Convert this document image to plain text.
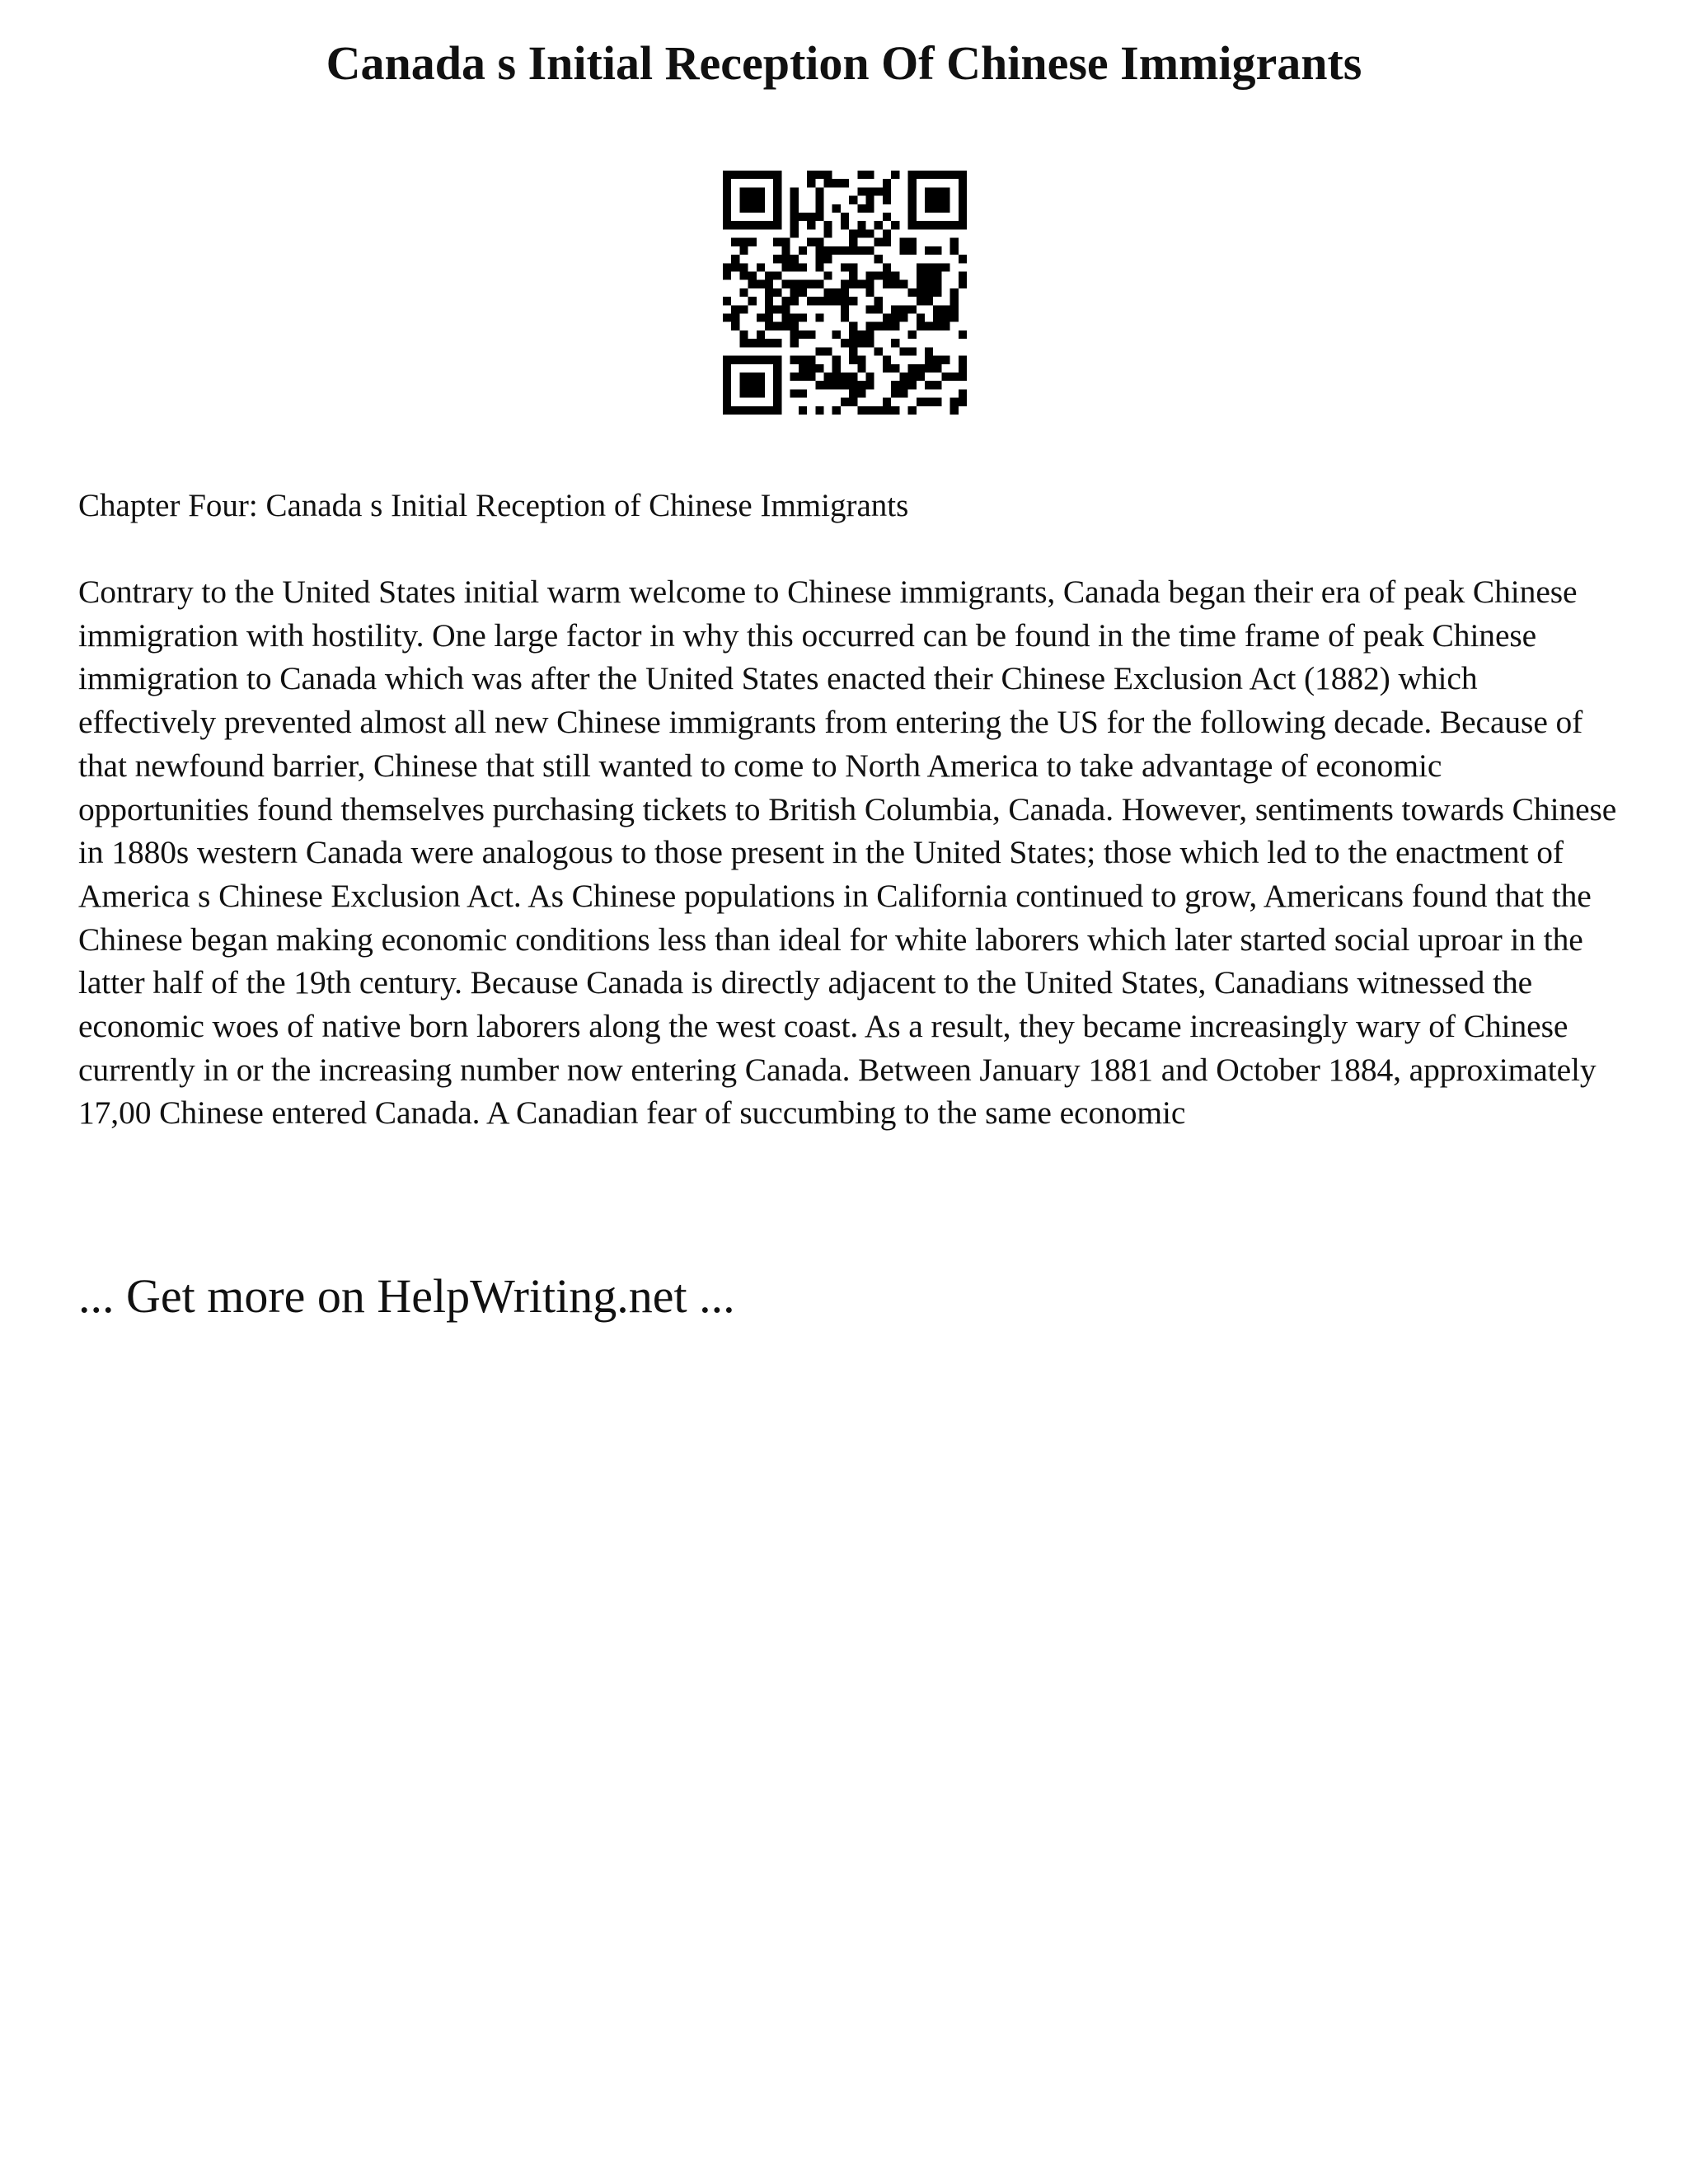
Canada s Initial Reception Of Chinese Immigrants

Chapter Four: Canada s Initial Reception of Chinese Immigrants

Contrary to the United States initial warm welcome to Chinese immigrants, Canada began their era of peak Chinese immigration with hostility. One large factor in why this occurred can be found in the time frame of peak Chinese immigration to Canada which was after the United States enacted their Chinese Exclusion Act (1882) which effectively prevented almost all new Chinese immigrants from entering the US for the following decade. Because of that newfound barrier, Chinese that still wanted to come to North America to take advantage of economic opportunities found themselves purchasing tickets to British Columbia, Canada. However, sentiments towards Chinese in 1880s western Canada were analogous to those present in the United States; those which led to the enactment of America s Chinese Exclusion Act. As Chinese populations in California continued to grow, Americans found that the Chinese began making economic conditions less than ideal for white laborers which later started social uproar in the latter half of the 19th century. Because Canada is directly adjacent to the United States, Canadians witnessed the economic woes of native born laborers along the west coast. As a result, they became increasingly wary of Chinese currently in or the increasing number now entering Canada. Between January 1881 and October 1884, approximately 17,00 Chinese entered Canada. A Canadian fear of succumbing to the same economic

... Get more on HelpWriting.net ...
